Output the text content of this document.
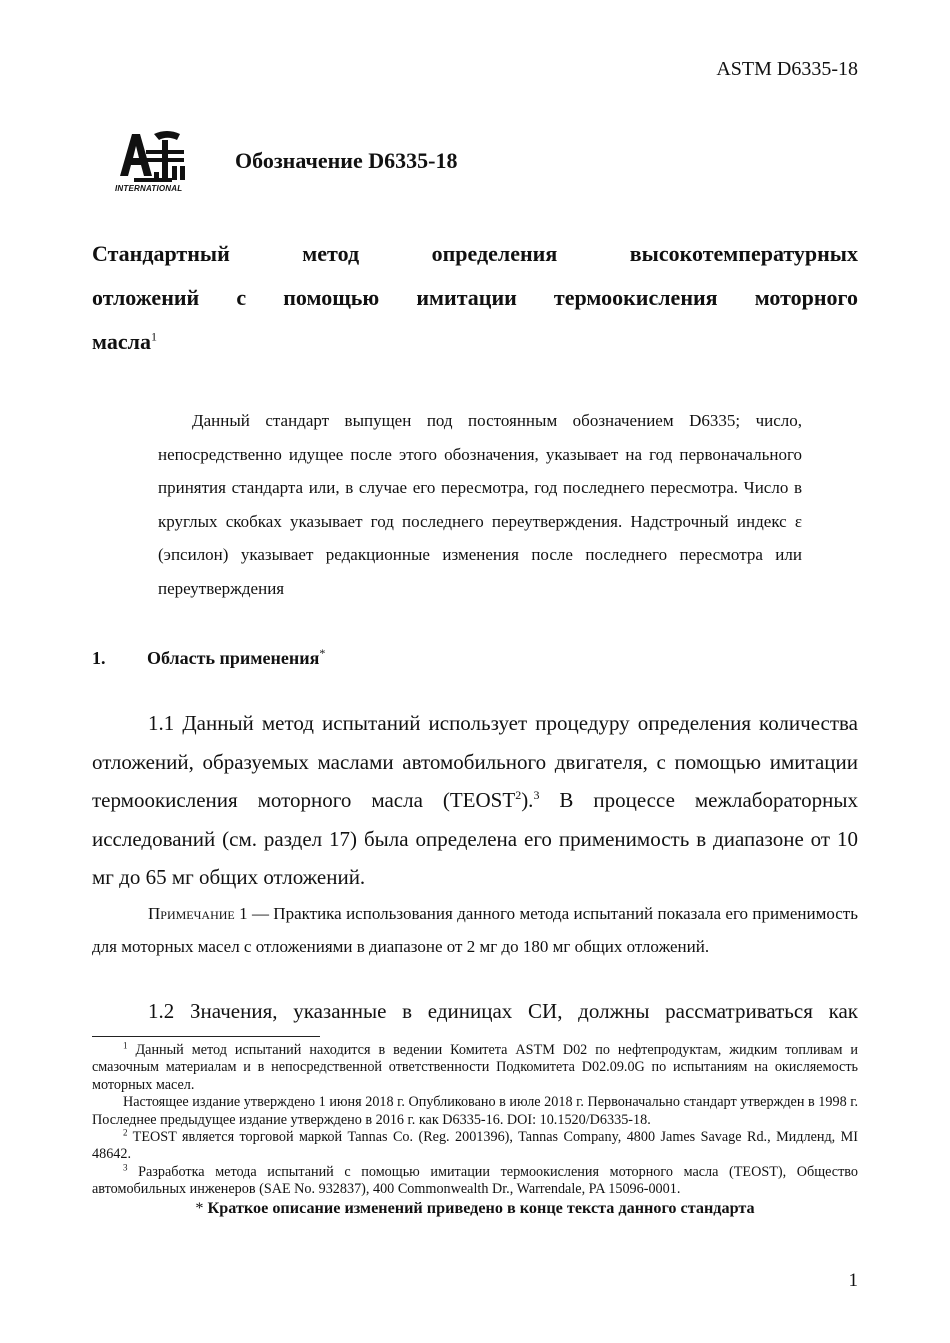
ASTM D6335-18
INTERNATIONAL
Обозначение D6335-18
Стандартный метод определения высокотемпературных
отложений с помощью имитации термоокисления моторного
масла$^1$
Данный стандарт выпущен под постоянным обозначением D6335; число, непосредственно идущее после этого обозначения, указывает на год первоначального принятия стандарта или, в случае его пересмотра, год последнего пересмотра. Число в круглых скобках указывает год последнего переутверждения. Надстрочный индекс ε (эпсилон) указывает редакционные изменения после последнего пересмотра или переутверждения
1. Область применения*
1.1 Данный метод испытаний использует процедуру определения количества отложений, образуемых маслами автомобильного двигателя, с помощью имитации термоокисления моторного масла (TEOST$^2$).$^3$ В процессе межлабораторных исследований (см. раздел 17) была определена его применимость в диапазоне от 10 мг до 65 мг общих отложений.
Примечание 1 — Практика использования данного метода испытаний показала его применимость для моторных масел с отложениями в диапазоне от 2 мг до 180 мг общих отложений.
1.2 Значения, указанные в единицах СИ, должны рассматриваться как

$^1$ Данный метод испытаний находится в ведении Комитета ASTM D02 по нефтепродуктам, жидким топливам и смазочным материалам и в непосредственной ответственности Подкомитета D02.09.0G по испытаниям на окисляемость моторных масел.

Настоящее издание утверждено 1 июня 2018 г. Опубликовано в июле 2018 г. Первоначально стандарт утвержден в 1998 г. Последнее предыдущее издание утверждено в 2016 г. как D6335-16. DOI: 10.1520/D6335-18.

$^2$ TEOST является торговой маркой Tannas Co. (Reg. 2001396), Tannas Company, 4800 James Savage Rd., Мидленд, MI 48642.

$^3$ Разработка метода испытаний с помощью имитации термоокисления моторного масла (TEOST), Общество автомобильных инженеров (SAE No. 932837), 400 Commonwealth Dr., Warrendale, PA 15096-0001.

* Краткое описание изменений приведено в конце текста данного стандарта

1
